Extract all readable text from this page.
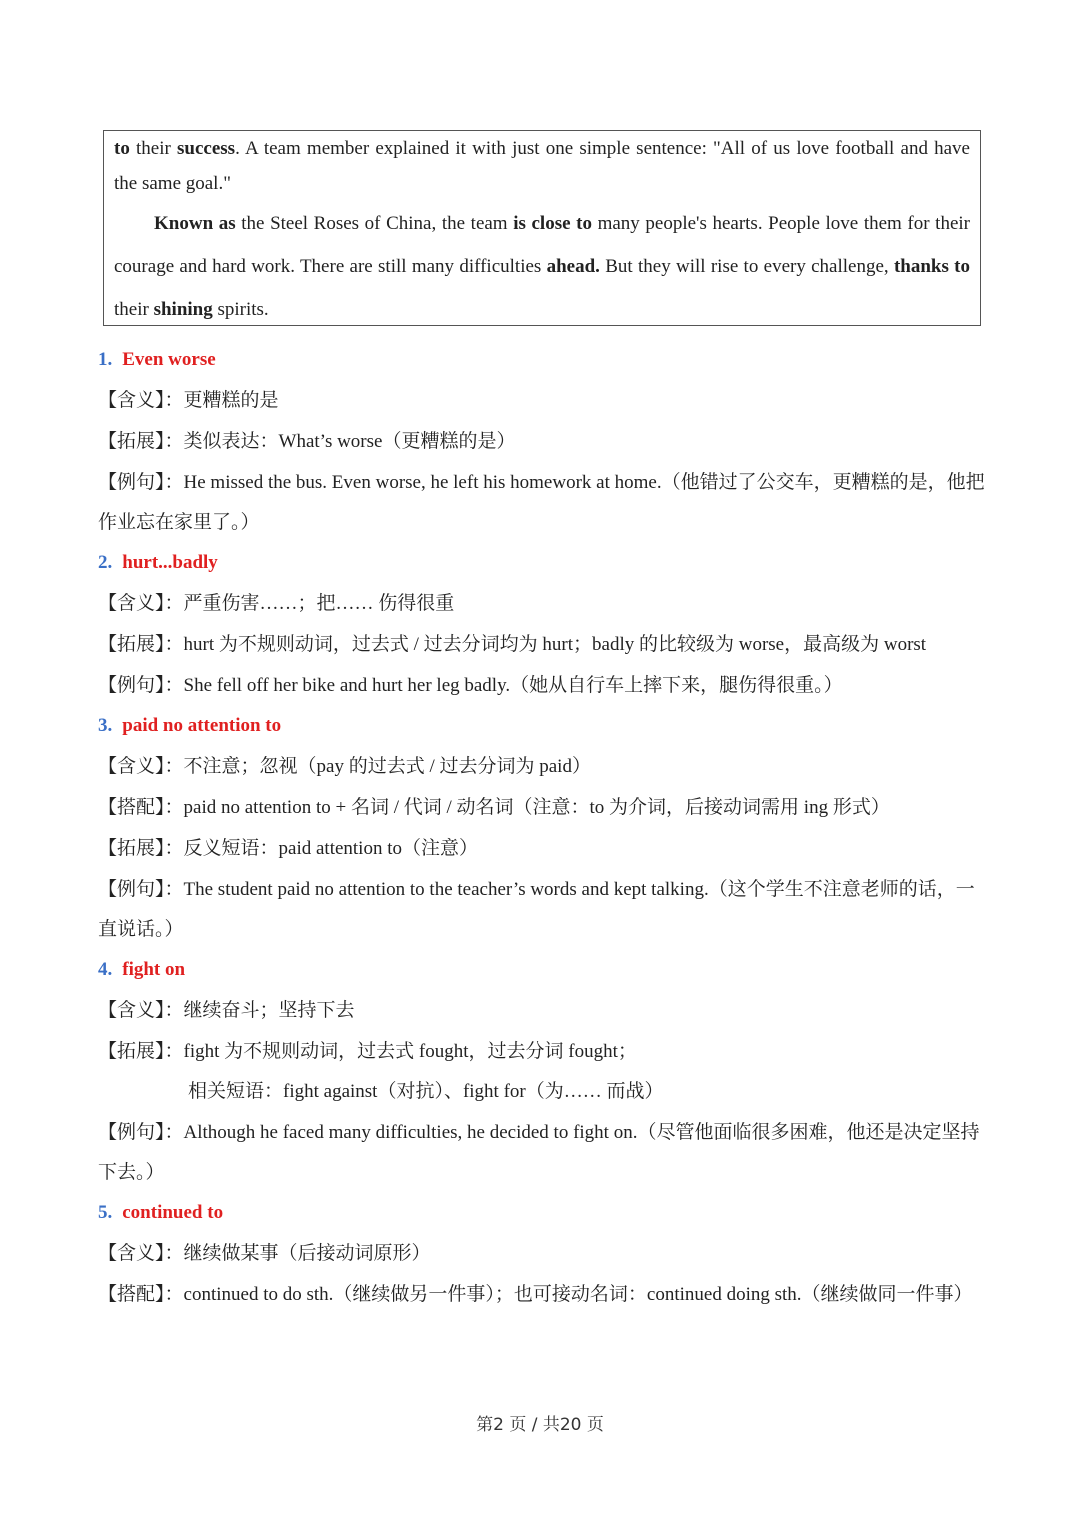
to their success. A team member explained it with just one simple sentence: "All of us love football and have the same goal."

Known as the Steel Roses of China, the team is close to many people's hearts. People love them for their courage and hard work. There are still many difficulties ahead. But they will rise to every challenge, thanks to their shining spirits.

1. Even worse
【含义】：更糟糕的是
【拓展】：类似表达：What’s worse（更糟糕的是）
【例句】：He missed the bus. Even worse, he left his homework at home.（他错过了公交车，更糟糕的是，他把作业忘在家里了。）
2. hurt...badly
【含义】：严重伤害……；把…… 伤得很重
【拓展】：hurt 为不规则动词，过去式 / 过去分词均为 hurt；badly 的比较级为 worse，最高级为 worst
【例句】：She fell off her bike and hurt her leg badly.（她从自行车上摔下来，腿伤得很重。）
3. paid no attention to
【含义】：不注意；忽视（pay 的过去式 / 过去分词为 paid）
【搭配】：paid no attention to + 名词 / 代词 / 动名词（注意：to 为介词，后接动词需用 ing 形式）
【拓展】：反义短语：paid attention to（注意）
【例句】：The student paid no attention to the teacher’s words and kept talking.（这个学生不注意老师的话，一直说话。）
4. fight on
【含义】：继续奋斗；坚持下去
【拓展】：fight 为不规则动词，过去式 fought，过去分词 fought；
相关短语：fight against（对抗）、fight for（为…… 而战）
【例句】：Although he faced many difficulties, he decided to fight on.（尽管他面临很多困难，他还是决定坚持下去。）
5. continued to
【含义】：继续做某事（后接动词原形）
【搭配】：continued to do sth.（继续做另一件事）；也可接动名词：continued doing sth.（继续做同一件事）
第2 页 / 共20 页
